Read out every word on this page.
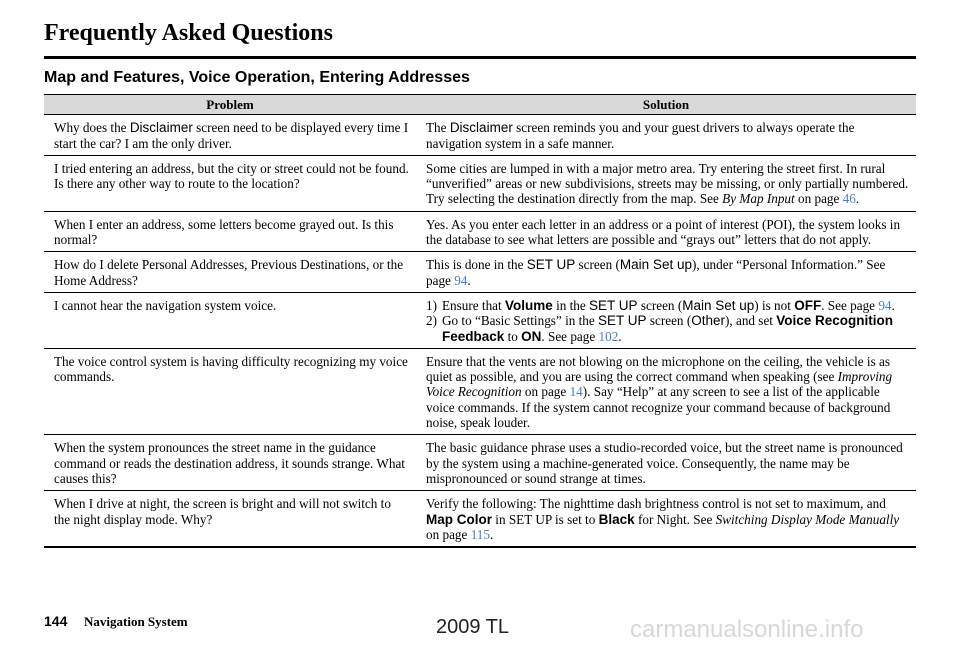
Frequently Asked Questions
Map and Features, Voice Operation, Entering Addresses
Problem	Solution
Why does the Disclaimer screen need to be displayed every time I start the car? I am the only driver.	The Disclaimer screen reminds you and your guest drivers to always operate the navigation system in a safe manner.
I tried entering an address, but the city or street could not be found. Is there any other way to route to the location?	Some cities are lumped in with a major metro area. Try entering the street first. In rural “unverified” areas or new subdivisions, streets may be missing, or only partially numbered. Try selecting the destination directly from the map. See By Map Input on page 46.
When I enter an address, some letters become grayed out. Is this normal?	Yes. As you enter each letter in an address or a point of interest (POI), the system looks in the database to see what letters are possible and “grays out” letters that do not apply.
How do I delete Personal Addresses, Previous Destinations, or the Home Address?	This is done in the SET UP screen (Main Set up), under “Personal Information.” See page 94.
I cannot hear the navigation system voice.	1) Ensure that Volume in the SET UP screen (Main Set up) is not OFF. See page 94.
2) Go to “Basic Settings” in the SET UP screen (Other), and set Voice Recognition Feedback to ON. See page 102.

The voice control system is having difficulty recognizing my voice commands.	Ensure that the vents are not blowing on the microphone on the ceiling, the vehicle is as quiet as possible, and you are using the correct command when speaking (see Improving Voice Recognition on page 14). Say “Help” at any screen to see a list of the applicable voice commands. If the system cannot recognize your command because of background noise, speak louder.
When the system pronounces the street name in the guidance command or reads the destination address, it sounds strange. What causes this?	The basic guidance phrase uses a studio-recorded voice, but the street name is pronounced by the system using a machine-generated voice. Consequently, the name may be mispronounced or sound strange at times.
When I drive at night, the screen is bright and will not switch to the night display mode. Why?	Verify the following: The nighttime dash brightness control is not set to maximum, and Map Color in SET UP is set to Black for Night. See Switching Display Mode Manually on page 115.
144 Navigation System	2009 TL	carmanualsonline.info
